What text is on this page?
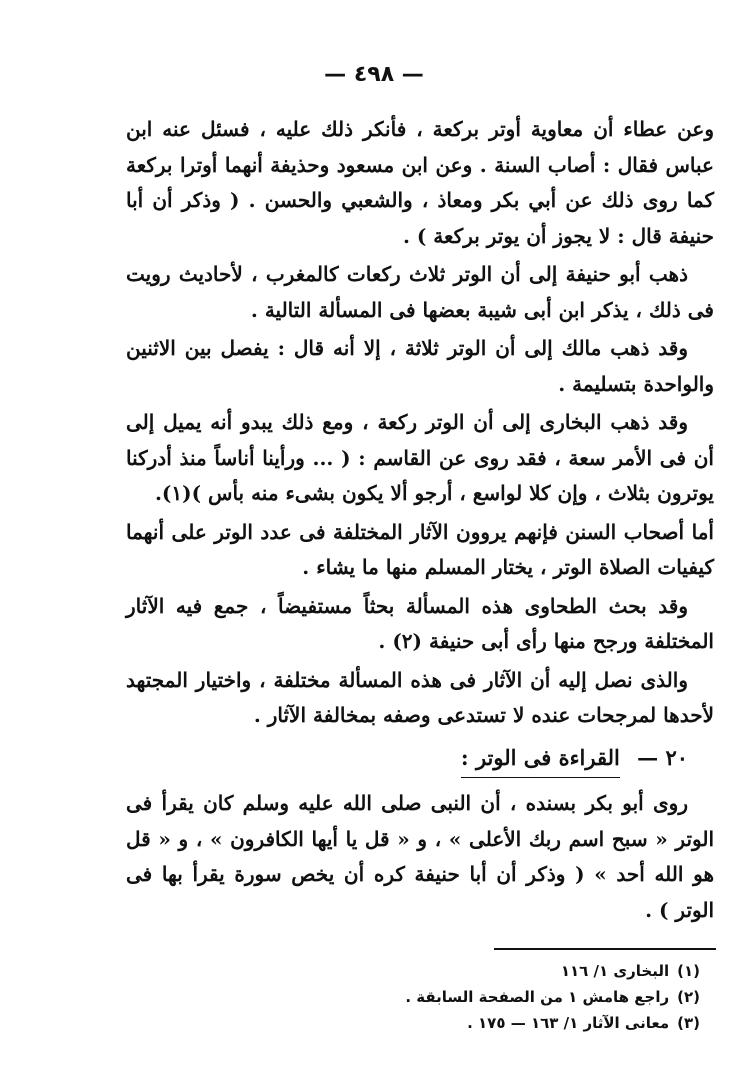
— ٤٩٨ —

وعن عطاء أن معاوية أوتر بركعة ، فأنكر ذلك عليه ، فسئل عنه ابن عباس فقال : أصاب السنة . وعن ابن مسعود وحذيفة أنهما أوترا بركعة كما روى ذلك عن أبي بكر ومعاذ ، والشعبي والحسن . ( وذكر أن أبا حنيفة قال : لا يجوز أن يوتر بركعة ) .

ذهب أبو حنيفة إلى أن الوتر ثلاث ركعات كالمغرب ، لأحاديث رويت فى ذلك ، يذكر ابن أبى شيبة بعضها فى المسألة التالية .

وقد ذهب مالك إلى أن الوتر ثلاثة ، إلا أنه قال : يفصل بين الاثنين والواحدة بتسليمة .

وقد ذهب البخارى إلى أن الوتر ركعة ، ومع ذلك يبدو أنه يميل إلى أن فى الأمر سعة ، فقد روى عن القاسم : ( ... ورأينا أناساً منذ أدركنا يوترون بثلاث ، وإن كلا لواسع ، أرجو ألا يكون بشىء منه بأس )(١).

أما أصحاب السنن فإنهم يروون الآثار المختلفة فى عدد الوتر على أنهما كيفيات الصلاة الوتر ، يختار المسلم منها ما يشاء .

وقد بحث الطحاوى هذه المسألة بحثاً مستفيضاً ، جمع فيه الآثار المختلفة ورجح منها رأى أبى حنيفة (٢) .

والذى نصل إليه أن الآثار فى هذه المسألة مختلفة ، واختيار المجتهد لأحدها لمرجحات عنده لا تستدعى وصفه بمخالفة الآثار .

٢٠ — القراءة فى الوتر :

روى أبو بكر بسنده ، أن النبى صلى الله عليه وسلم كان يقرأ فى الوتر « سبح اسم ربك الأعلى » ، و « قل يا أيها الكافرون » ، و « قل هو الله أحد » ( وذكر أن أبا حنيفة كره أن يخص سورة يقرأ بها فى الوتر ) .

(١)البخارى ١/ ١١٦

(٢)راجع هامش ١ من الصفحة السابقة .

(٣)معانى الآثار ١/ ١٦٣ — ١٧٥ .
